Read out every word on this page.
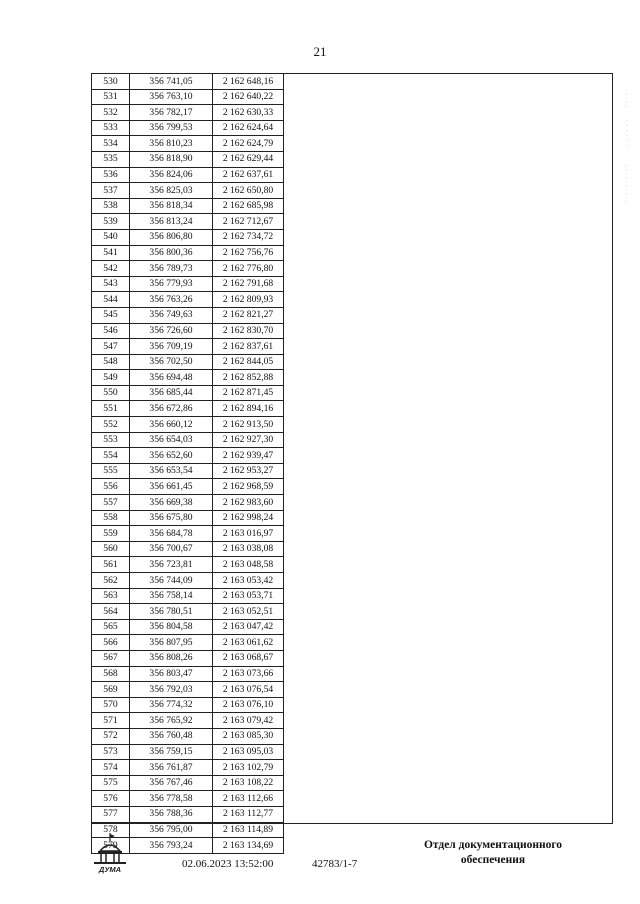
21
530	356 741,05	2 162 648,16
531	356 763,10	2 162 640,22
532	356 782,17	2 162 630,33
533	356 799,53	2 162 624,64
534	356 810,23	2 162 624,79
535	356 818,90	2 162 629,44
536	356 824,06	2 162 637,61
537	356 825,03	2 162 650,80
538	356 818,34	2 162 685,98
539	356 813,24	2 162 712,67
540	356 806,80	2 162 734,72
541	356 800,36	2 162 756,76
542	356 789,73	2 162 776,80
543	356 779,93	2 162 791,68
544	356 763,26	2 162 809,93
545	356 749,63	2 162 821,27
546	356 726,60	2 162 830,70
547	356 709,19	2 162 837,61
548	356 702,50	2 162 844,05
549	356 694,48	2 162 852,88
550	356 685,44	2 162 871,45
551	356 672,86	2 162 894,16
552	356 660,12	2 162 913,50
553	356 654,03	2 162 927,30
554	356 652,60	2 162 939,47
555	356 653,54	2 162 953,27
556	356 661,45	2 162 968,59
557	356 669,38	2 162 983,60
558	356 675,80	2 162 998,24
559	356 684,78	2 163 016,97
560	356 700,67	2 163 038,08
561	356 723,81	2 163 048,58
562	356 744,09	2 163 053,42
563	356 758,14	2 163 053,71
564	356 780,51	2 163 052,51
565	356 804,58	2 163 047,42
566	356 807,95	2 163 061,62
567	356 808,26	2 163 068,67
568	356 803,47	2 163 073,66
569	356 792,03	2 163 076,54
570	356 774,32	2 163 076,10
571	356 765,92	2 163 079,42
572	356 760,48	2 163 085,30
573	356 759,15	2 163 095,03
574	356 761,87	2 163 102,79
575	356 767,46	2 163 108,22
576	356 778,58	2 163 112,66
577	356 788,36	2 163 112,77
578	356 795,00	2 163 114,89
579	356 793,24	2 163 134,69
ДУМА
Отдел документационного
обеспечения
02.06.2023 13:52:00	42783/1-7
